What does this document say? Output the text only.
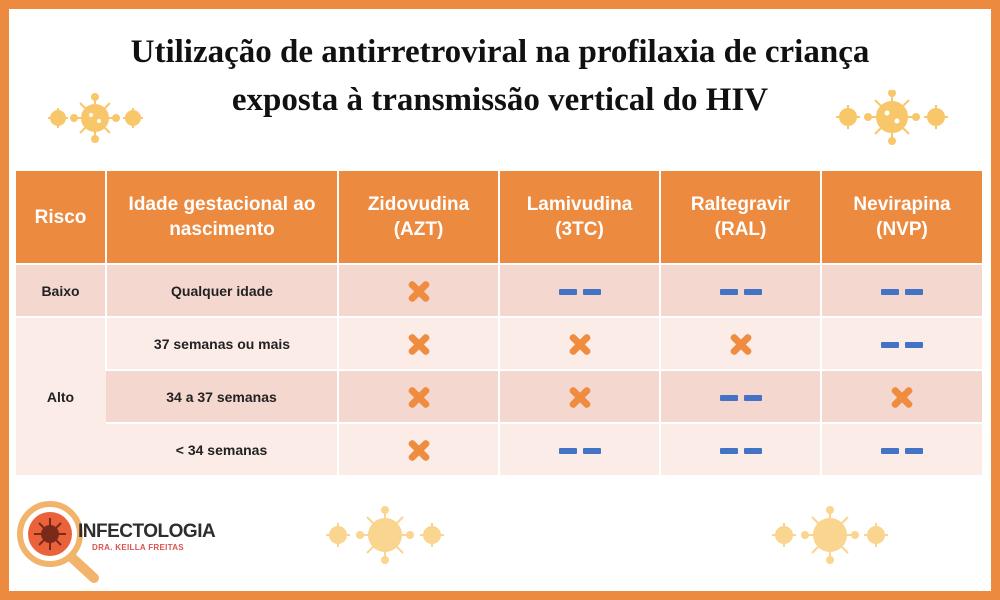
Utilização de antirretroviral na profilaxia de criança
exposta à transmissão vertical do HIV
Risco	Idade gestacional ao nascimento	Zidovudina (AZT)	Lamivudina (3TC)	Raltegravir (RAL)	Nevirapina (NVP)
Baixo	Qualquer idade				
Alto	37 semanas ou mais				
	34 a 37 semanas				
	< 34 semanas				
INFECTOLOGIA
DRA. KEILLA FREITAS
